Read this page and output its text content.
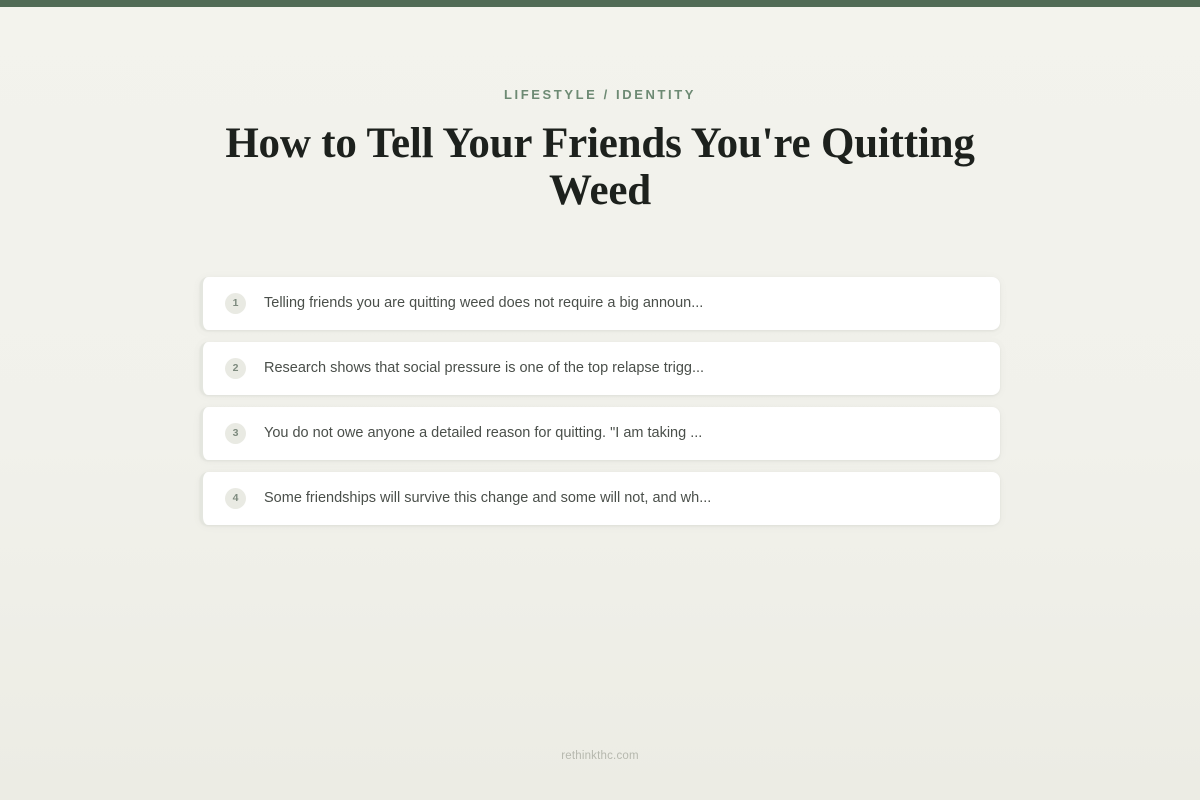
LIFESTYLE / IDENTITY
How to Tell Your Friends You're Quitting Weed
1	Telling friends you are quitting weed does not require a big announ...
2	Research shows that social pressure is one of the top relapse trigg...
3	You do not owe anyone a detailed reason for quitting. "I am taking ...
4	Some friendships will survive this change and some will not, and wh...
rethinkthc.com
